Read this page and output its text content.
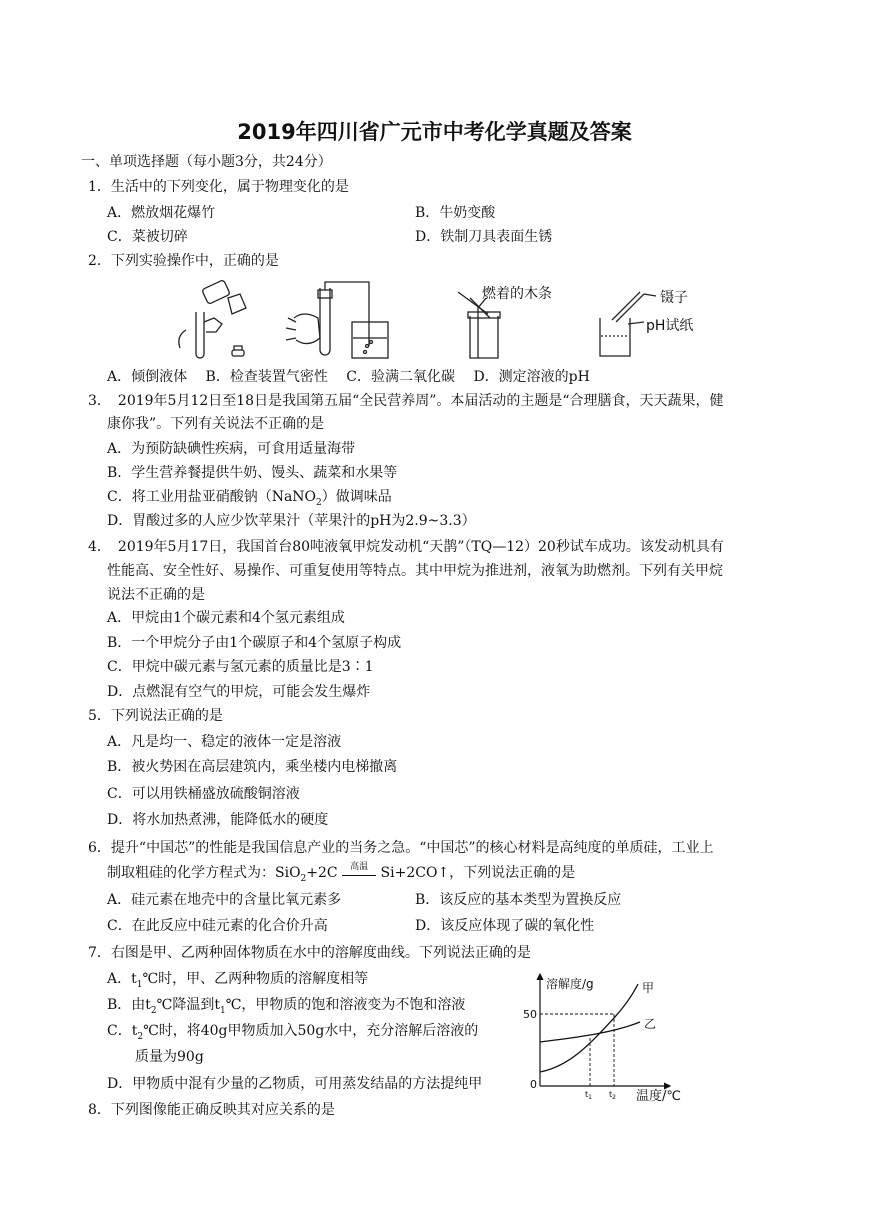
2019年四川省广元市中考化学真题及答案
一、单项选择题（每小题3分，共24分）
1．生活中的下列变化，属于物理变化的是
A．燃放烟花爆竹	B．牛奶变酸
C．菜被切碎	D．铁制刀具表面生锈
2．下列实验操作中，正确的是
燃着的木条	镊子
pH试纸
A．倾倒液体　 B．检查装置气密性　 C．验满二氧化碳　 D．测定溶液的pH
3．　2019年5月12日至18日是我国第五届“全民营养周”。本届活动的主题是“合理膳食，天天蔬果，健
康你我”。下列有关说法不正确的是
A．为预防缺碘性疾病，可食用适量海带
B．学生营养餐提供牛奶、馒头、蔬菜和水果等
C．将工业用盐亚硝酸钠（NaNO$_2$）做调味品
D．胃酸过多的人应少饮苹果汁（苹果汁的pH为2.9~3.3）
4．　2019年5月17日，我国首台80吨液氧甲烷发动机“天鹊”（TQ—12）20秒试车成功。该发动机具有
性能高、安全性好、易操作、可重复使用等特点。其中甲烷为推进剂，液氧为助燃剂。下列有关甲烷
说法不正确的是
A．甲烷由1个碳元素和4个氢元素组成
B．一个甲烷分子由1个碳原子和4个氢原子构成
C．甲烷中碳元素与氢元素的质量比是3∶1
D．点燃混有空气的甲烷，可能会发生爆炸
5．下列说法正确的是
A．凡是均一、稳定的液体一定是溶液
B．被火势困在高层建筑内，乘坐楼内电梯撤离
C．可以用铁桶盛放硫酸铜溶液
D．将水加热煮沸，能降低水的硬度
6．提升“中国芯”的性能是我国信息产业的当务之急。“中国芯”的核心材料是高纯度的单质硅，工业上
制取粗硅的化学方程式为：SiO$_2$+2C 高温 Si+2CO↑，下列说法正确的是
A．硅元素在地壳中的含量比氧元素多	B．该反应的基本类型为置换反应
C．在此反应中硅元素的化合价升高	D．该反应体现了碳的氧化性
7．右图是甲、乙两种固体物质在水中的溶解度曲线。下列说法正确的是
A．$t_1℃$时，甲、乙两种物质的溶解度相等
B．由$t_2℃$降温到$t_1℃$，甲物质的饱和溶液变为不饱和溶液
C．$t_2℃$时，将40g甲物质加入50g水中，充分溶解后溶液的
质量为90g
D．甲物质中混有少量的乙物质，可用蒸发结晶的方法提纯甲
溶解度/g
温度/℃
50
0
$t_1$ $t_2$
甲
乙
8．下列图像能正确反映其对应关系的是
